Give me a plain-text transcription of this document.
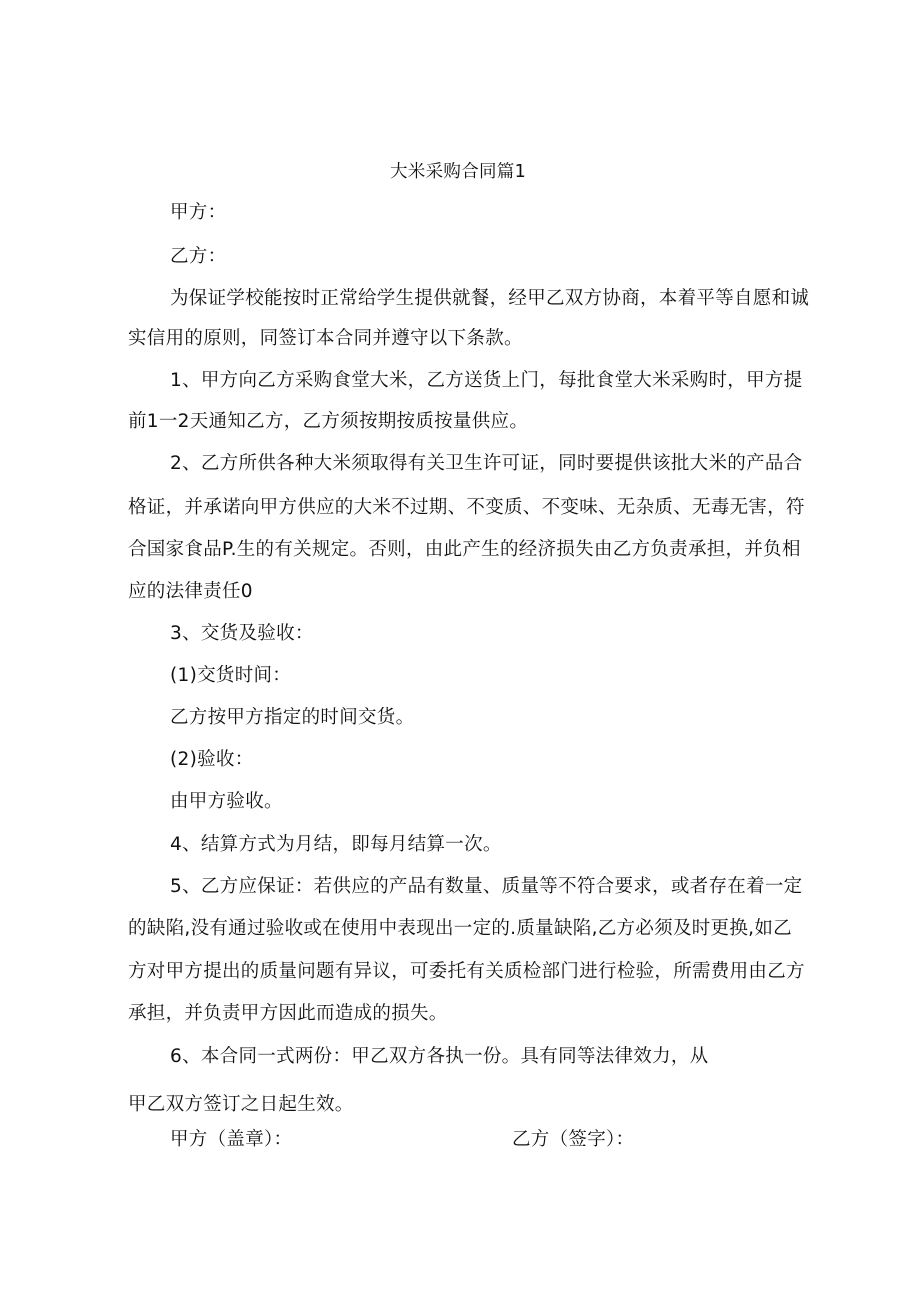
大米采购合同篇1
甲方：
乙方：
为保证学校能按时正常给学生提供就餐，经甲乙双方协商，本着平等自愿和诚
实信用的原则，同签订本合同并遵守以下条款。
1、甲方向乙方采购食堂大米，乙方送货上门，每批食堂大米采购时，甲方提
前1一2天通知乙方，乙方须按期按质按量供应。
2、乙方所供各种大米须取得有关卫生许可证，同时要提供该批大米的产品合
格证，并承诺向甲方供应的大米不过期、不变质、不变味、无杂质、无毒无害，符
合国家食品P.生的有关规定。否则，由此产生的经济损失由乙方负责承担，并负相
应的法律责任0
3、交货及验收：
(1)交货时间：
乙方按甲方指定的时间交货。
(2)验收：
由甲方验收。
4、结算方式为月结，即每月结算一次。
5、乙方应保证：若供应的产品有数量、质量等不符合要求，或者存在着一定
的缺陷,没有通过验收或在使用中表现出一定的.质量缺陷,乙方必须及时更换,如乙
方对甲方提出的质量问题有异议，可委托有关质检部门进行检验，所需费用由乙方
承担，并负责甲方因此而造成的损失。
6、本合同一式两份：甲乙双方各执一份。具有同等法律效力，从
甲乙双方签订之日起生效。
甲方（盖章）：	乙方（签字）：
